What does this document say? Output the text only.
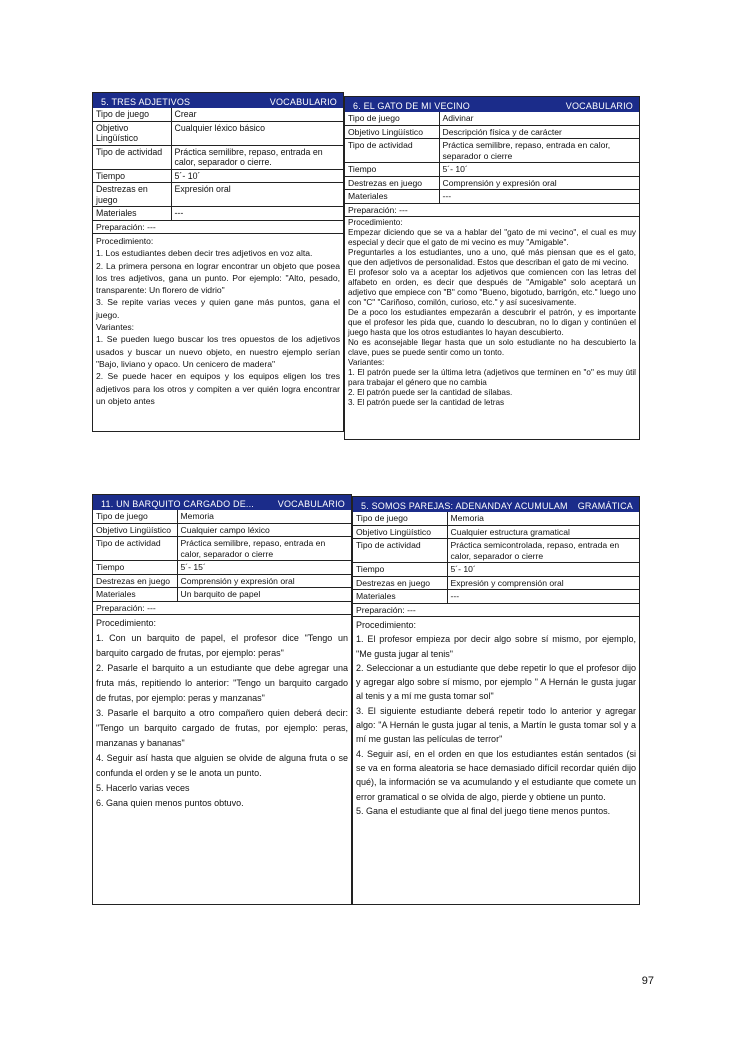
5. TRES ADJETIVOS	VOCABULARIO
Tipo de juego	Crear
Objetivo Lingüístico	Cualquier léxico básico
Tipo de actividad	Práctica semilibre, repaso, entrada en calor, separador o cierre.
Tiempo	5´- 10´
Destrezas en juego	Expresión oral
Materiales	---
Preparación: ---

Procedimiento:

1. Los estudiantes deben decir tres adjetivos en voz alta.

2. La primera persona en lograr encontrar un objeto que posea los tres adjetivos, gana un punto. Por ejemplo: "Alto, pesado, transparente: Un florero de vidrio"

3. Se repite varias veces y quien gane más puntos, gana el juego.

Variantes:

1. Se pueden luego buscar los tres opuestos de los adjetivos usados y buscar un nuevo objeto, en nuestro ejemplo serían "Bajo, liviano y opaco. Un cenicero de madera"

2. Se puede hacer en equipos y los equipos eligen los tres adjetivos para los otros y compiten a ver quién logra encontrar un objeto antes

6. EL GATO DE MI VECINO	VOCABULARIO
Tipo de juego	Adivinar
Objetivo Lingüístico	Descripción física y de carácter
Tipo de actividad	Práctica semilibre, repaso, entrada en calor, separador o cierre
Tiempo	5´- 10´
Destrezas en juego	Comprensión y expresión oral
Materiales	---
Preparación: ---

Procedimiento:

Empezar diciendo que se va a hablar del "gato de mi vecino", el cual es muy especial y decir que el gato de mi vecino es muy "Amigable".

Preguntarles a los estudiantes, uno a uno, qué más piensan que es el gato, que den adjetivos de personalidad. Estos que describan el gato de mi vecino.

El profesor solo va a aceptar los adjetivos que comiencen con las letras del alfabeto en orden, es decir que después de "Amigable" solo aceptará un adjetivo que empiece con "B" como "Bueno, bigotudo, barrigón, etc." luego uno con "C" "Cariñoso, comilón, curioso, etc." y así sucesivamente.

De a poco los estudiantes empezarán a descubrir el patrón, y es importante que el profesor les pida que, cuando lo descubran, no lo digan y continúen el juego hasta que los otros estudiantes lo hayan descubierto.

No es aconsejable llegar hasta que un solo estudiante no ha descubierto la clave, pues se puede sentir como un tonto.

Variantes:

1. El patrón puede ser la última letra (adjetivos que terminen en "o" es muy útil para trabajar el género que no cambia

2. El patrón puede ser la cantidad de sílabas.

3. El patrón puede ser la cantidad de letras

11. UN BARQUITO CARGADO DE...	VOCABULARIO
Tipo de juego	Memoria
Objetivo Lingüístico	Cualquier campo léxico
Tipo de actividad	Práctica semilibre, repaso, entrada en calor, separador o cierre
Tiempo	5´- 15´
Destrezas en juego	Comprensión y expresión oral
Materiales	Un barquito de papel
Preparación: ---

Procedimiento:

1. Con un barquito de papel, el profesor dice "Tengo un barquito cargado de frutas, por ejemplo: peras"

2. Pasarle el barquito a un estudiante que debe agregar una fruta más, repitiendo lo anterior: "Tengo un barquito cargado de frutas, por ejemplo: peras y manzanas"

3. Pasarle el barquito a otro compañero quien deberá decir: "Tengo un barquito cargado de frutas, por ejemplo: peras, manzanas y bananas"

4. Seguir así hasta que alguien se olvide de alguna fruta o se confunda el orden y se le anota un punto.

5. Hacerlo varias veces

6. Gana quien menos puntos obtuvo.

5. SOMOS PAREJAS: ADENANDAY ACUMULAM GRAMÁTICA
Tipo de juego	Memoria
Objetivo Lingüístico	Cualquier estructura gramatical
Tipo de actividad	Práctica semicontrolada, repaso, entrada en calor, separador o cierre
Tiempo	5´- 10´
Destrezas en juego	Expresión y comprensión oral
Materiales	---
Preparación: ---

Procedimiento:

1. El profesor empieza por decir algo sobre sí mismo, por ejemplo, "Me gusta jugar al tenis"

2. Seleccionar a un estudiante que debe repetir lo que el profesor dijo y agregar algo sobre sí mismo, por ejemplo " A Hernán le gusta jugar al tenis y a mí me gusta tomar sol"

3. El siguiente estudiante deberá repetir todo lo anterior y agregar algo: "A Hernán le gusta jugar al tenis, a Martín le gusta tomar sol y a mí me gustan las películas de terror"

4. Seguir así, en el orden en que los estudiantes están sentados (si se va en forma aleatoria se hace demasiado difícil recordar quién dijo qué), la información se va acumulando y el estudiante que comete un error gramatical o se olvida de algo, pierde y obtiene un punto.

5. Gana el estudiante que al final del juego tiene menos puntos.

97
